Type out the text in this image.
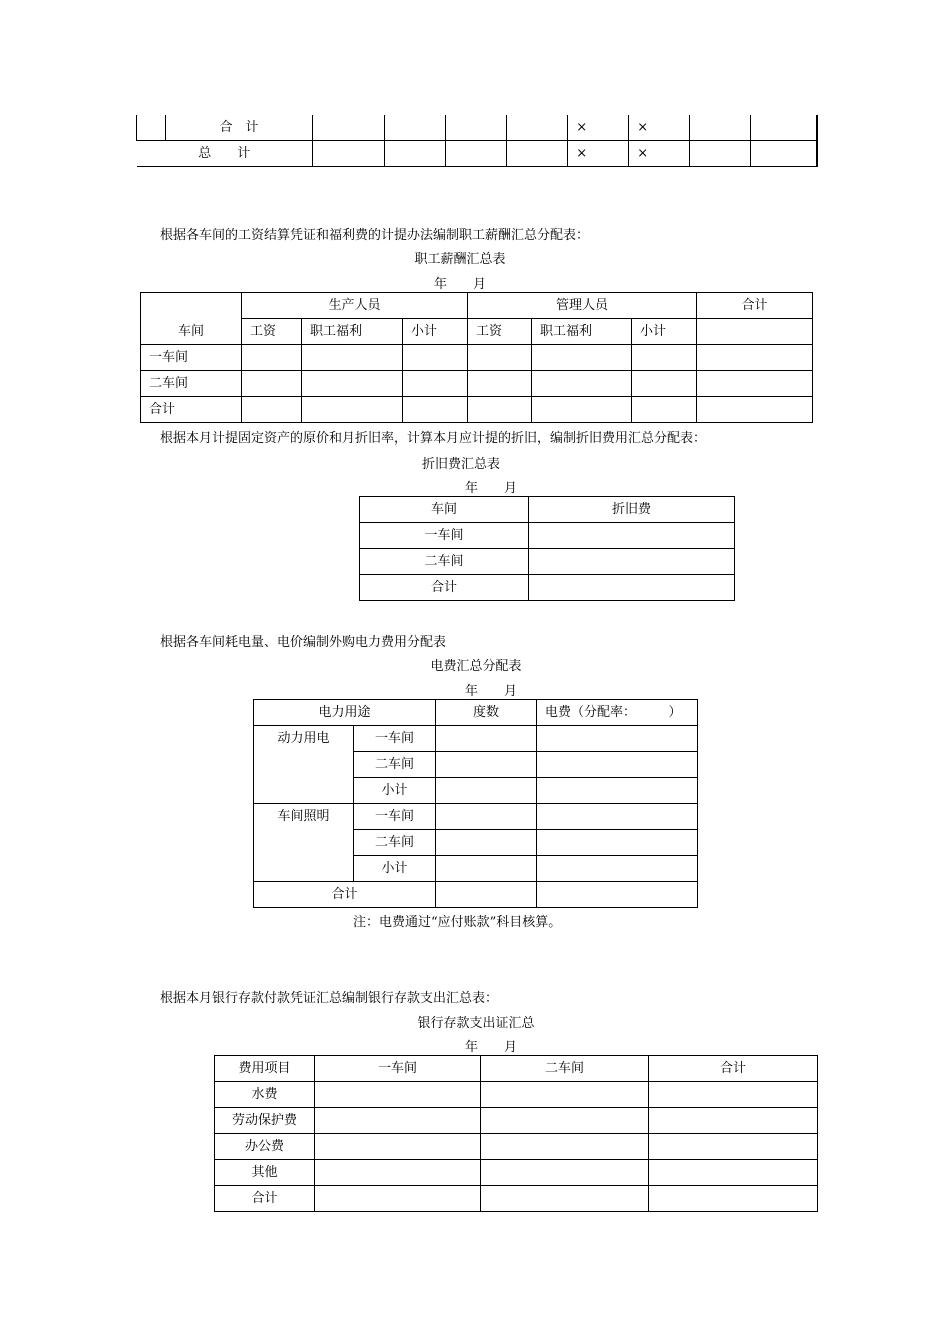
	合　计					×	×		
总　　计						×	×		
根据各车间的工资结算凭证和福利费的计提办法编制职工薪酬汇总分配表：
职工薪酬汇总表
年　　月
车间	生产人员			管理人员			合计
	工资	职工福利	小计	工资	职工福利	小计	
一车间							
二车间							
合计							
根据本月计提固定资产的原价和月折旧率，计算本月应计提的折旧，编制折旧费用汇总分配表：
折旧费汇总表
年　　月
车间	折旧费
一车间	
二车间	
合计	
根据各车间耗电量、电价编制外购电力费用分配表
电费汇总分配表
年　　月
电力用途		度数	电费（分配率：　　　）
动力用电	一车间		
	二车间		
	小计		
车间照明	一车间		
	二车间		
	小计		
合计			
注：电费通过“应付账款”科目核算。
根据本月银行存款付款凭证汇总编制银行存款支出汇总表：
银行存款支出证汇总
年　　月
费用项目	一车间	二车间	合计
水费			
劳动保护费			
办公费			
其他			
合计			
